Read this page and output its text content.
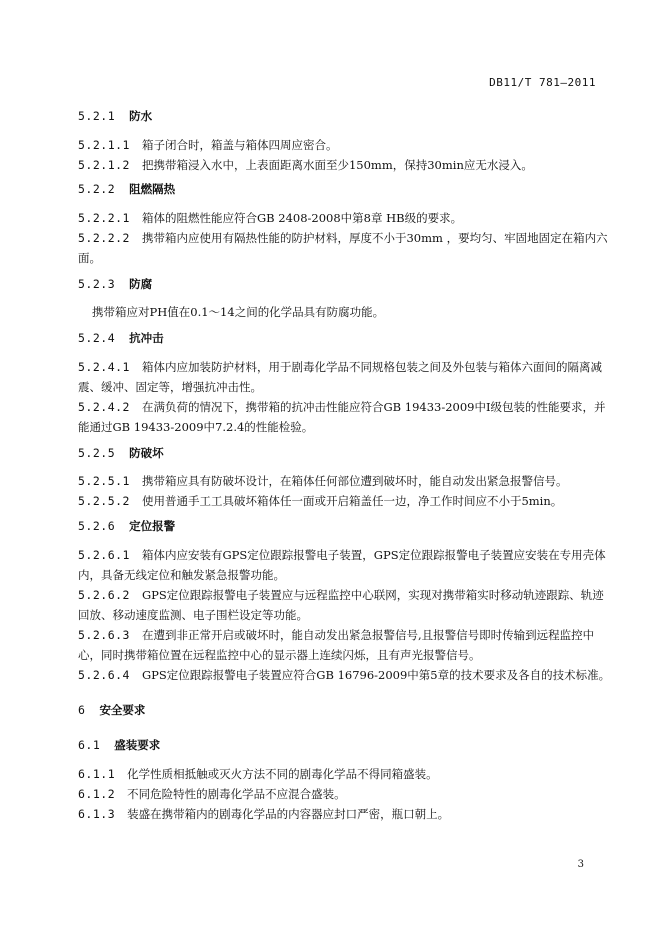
DB11/T 781—2011
5.2.1 防水
5.2.1.1 箱子闭合时，箱盖与箱体四周应密合。
5.2.1.2 把携带箱浸入水中，上表面距离水面至少150mm，保持30min应无水浸入。
5.2.2 阻燃隔热
5.2.2.1 箱体的阻燃性能应符合GB 2408-2008中第8章 HB级的要求。
5.2.2.2 携带箱内应使用有隔热性能的防护材料，厚度不小于30mm ，要均匀、牢固地固定在箱内六
面。
5.2.3 防腐
携带箱应对PH值在0.1～14之间的化学品具有防腐功能。
5.2.4 抗冲击
5.2.4.1 箱体内应加装防护材料，用于剧毒化学品不同规格包装之间及外包装与箱体六面间的隔离减
震、缓冲、固定等，增强抗冲击性。
5.2.4.2 在满负荷的情况下，携带箱的抗冲击性能应符合GB 19433-2009中Ⅰ级包装的性能要求，并
能通过GB 19433-2009中7.2.4的性能检验。
5.2.5 防破坏
5.2.5.1 携带箱应具有防破坏设计，在箱体任何部位遭到破坏时，能自动发出紧急报警信号。
5.2.5.2 使用普通手工工具破坏箱体任一面或开启箱盖任一边，净工作时间应不小于5min。
5.2.6 定位报警
5.2.6.1 箱体内应安装有GPS定位跟踪报警电子装置，GPS定位跟踪报警电子装置应安装在专用壳体
内，具备无线定位和触发紧急报警功能。
5.2.6.2 GPS定位跟踪报警电子装置应与远程监控中心联网，实现对携带箱实时移动轨迹跟踪、轨迹
回放、移动速度监测、电子围栏设定等功能。
5.2.6.3 在遭到非正常开启或破坏时，能自动发出紧急报警信号,且报警信号即时传输到远程监控中
心，同时携带箱位置在远程监控中心的显示器上连续闪烁，且有声光报警信号。
5.2.6.4 GPS定位跟踪报警电子装置应符合GB 16796-2009中第5章的技术要求及各自的技术标准。
6 安全要求
6.1 盛装要求
6.1.1 化学性质相抵触或灭火方法不同的剧毒化学品不得同箱盛装。
6.1.2 不同危险特性的剧毒化学品不应混合盛装。
6.1.3 装盛在携带箱内的剧毒化学品的内容器应封口严密，瓶口朝上。
3
